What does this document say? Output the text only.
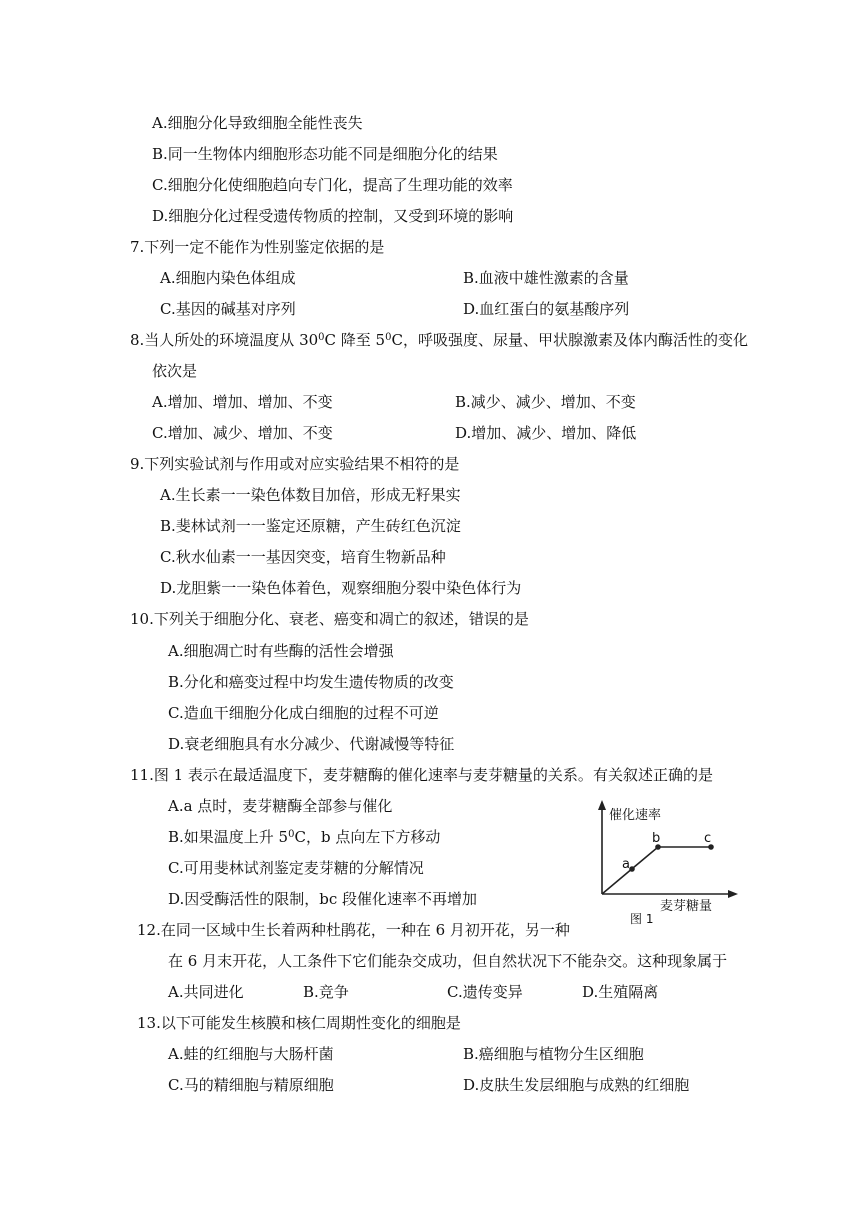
A.细胞分化导致细胞全能性丧失
B.同一生物体内细胞形态功能不同是细胞分化的结果
C.细胞分化使细胞趋向专门化，提高了生理功能的效率
D.细胞分化过程受遗传物质的控制，又受到环境的影响
7.下列一定不能作为性别鉴定依据的是
A.细胞内染色体组成	B.血液中雄性激素的含量
C.基因的碱基对序列	D.血红蛋白的氨基酸序列
8.当人所处的环境温度从 $30^0C$ 降至 $5^0C$，呼吸强度、尿量、甲状腺激素及体内酶活性的变化
依次是
A.增加、增加、增加、不变	B.减少、减少、增加、不变
C.增加、减少、增加、不变	D.增加、减少、增加、降低
9.下列实验试剂与作用或对应实验结果不相符的是
A.生长素一一染色体数目加倍，形成无籽果实
B.斐林试剂一一鉴定还原糖，产生砖红色沉淀
C.秋水仙素一一基因突变，培育生物新品种
D.龙胆紫一一染色体着色，观察细胞分裂中染色体行为
10.下列关于细胞分化、衰老、癌变和凋亡的叙述，错误的是
A.细胞凋亡时有些酶的活性会增强
B.分化和癌变过程中均发生遗传物质的改变
C.造血干细胞分化成白细胞的过程不可逆
D.衰老细胞具有水分减少、代谢减慢等特征
11.图 1 表示在最适温度下，麦芽糖酶的催化速率与麦芽糖量的关系。有关叙述正确的是
A.a 点时，麦芽糖酶全部参与催化
B.如果温度上升 $5^0C$，b 点向左下方移动
C.可用斐林试剂鉴定麦芽糖的分解情况
D.因受酶活性的限制，bc 段催化速率不再增加
催化速率
a
b	c
麦芽糖量
图 1
12.在同一区域中生长着两种杜鹃花，一种在 6 月初开花，另一种
在 6 月末开花，人工条件下它们能杂交成功，但自然状况下不能杂交。这种现象属于
A.共同进化	B.竞争	C.遗传变异	D.生殖隔离
13.以下可能发生核膜和核仁周期性变化的细胞是
A.蛙的红细胞与大肠杆菌	B.癌细胞与植物分生区细胞
C.马的精细胞与精原细胞	D.皮肤生发层细胞与成熟的红细胞
